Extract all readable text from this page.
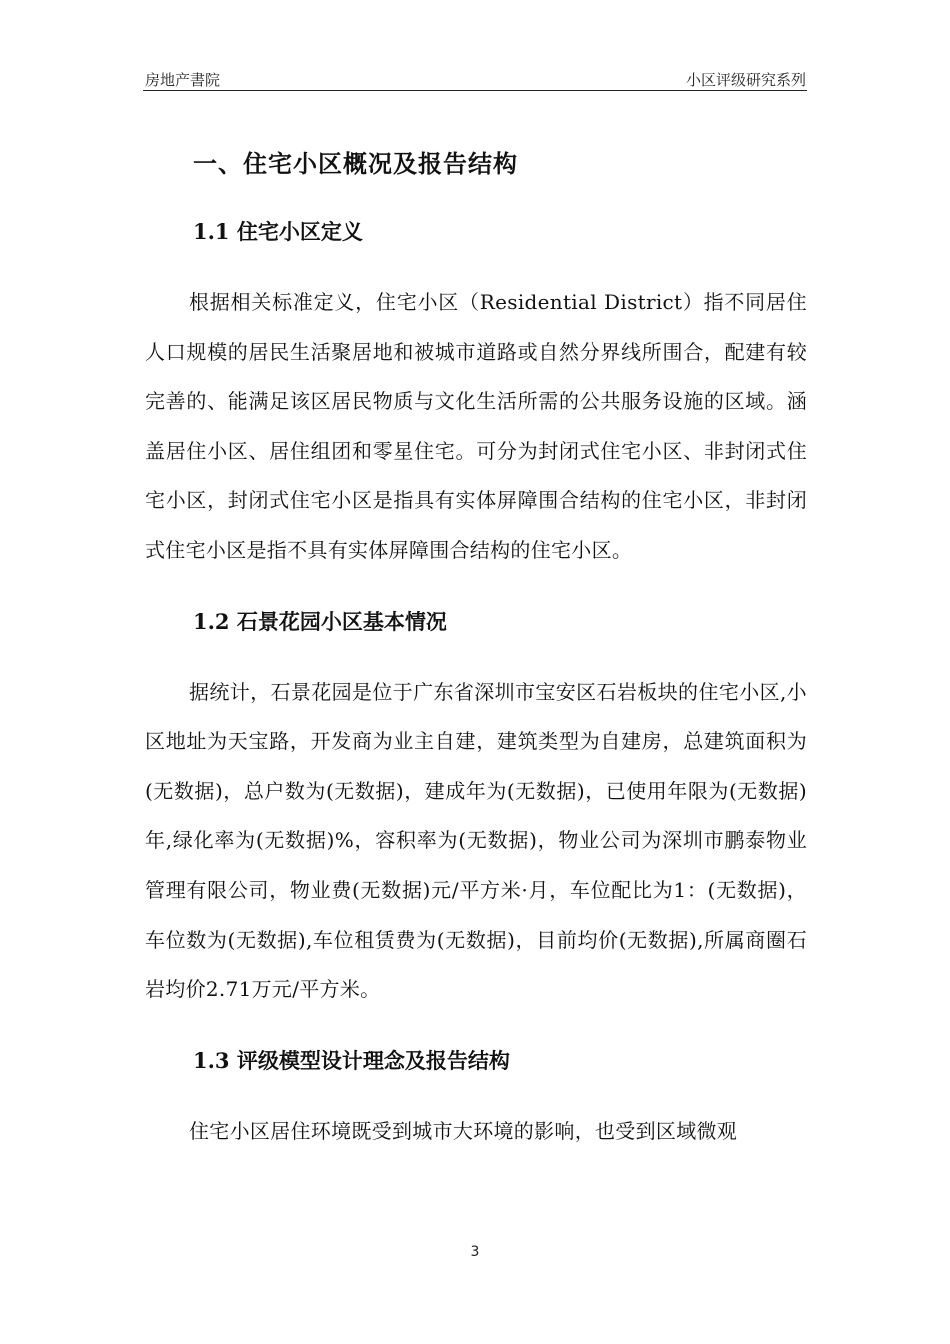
房地产書院	小区评级研究系列
一、住宅小区概况及报告结构
1.1 住宅小区定义

根据相关标准定义，住宅小区（Residential District）指不同居住人口规模的居民生活聚居地和被城市道路或自然分界线所围合，配建有较完善的、能满足该区居民物质与文化生活所需的公共服务设施的区域。涵盖居住小区、居住组团和零星住宅。可分为封闭式住宅小区、非封闭式住宅小区，封闭式住宅小区是指具有实体屏障围合结构的住宅小区，非封闭式住宅小区是指不具有实体屏障围合结构的住宅小区。

1.2 石景花园小区基本情况

据统计，石景花园是位于广东省深圳市宝安区石岩板块的住宅小区,小区地址为天宝路，开发商为业主自建，建筑类型为自建房，总建筑面积为(无数据)，总户数为(无数据)，建成年为(无数据)，已使用年限为(无数据)年,绿化率为(无数据)%，容积率为(无数据)，物业公司为深圳市鹏泰物业管理有限公司，物业费(无数据)元/平方米·月，车位配比为1：(无数据)，车位数为(无数据),车位租赁费为(无数据)，目前均价(无数据),所属商圈石岩均价2.71万元/平方米。

1.3 评级模型设计理念及报告结构

住宅小区居住环境既受到城市大环境的影响，也受到区域微观

3
